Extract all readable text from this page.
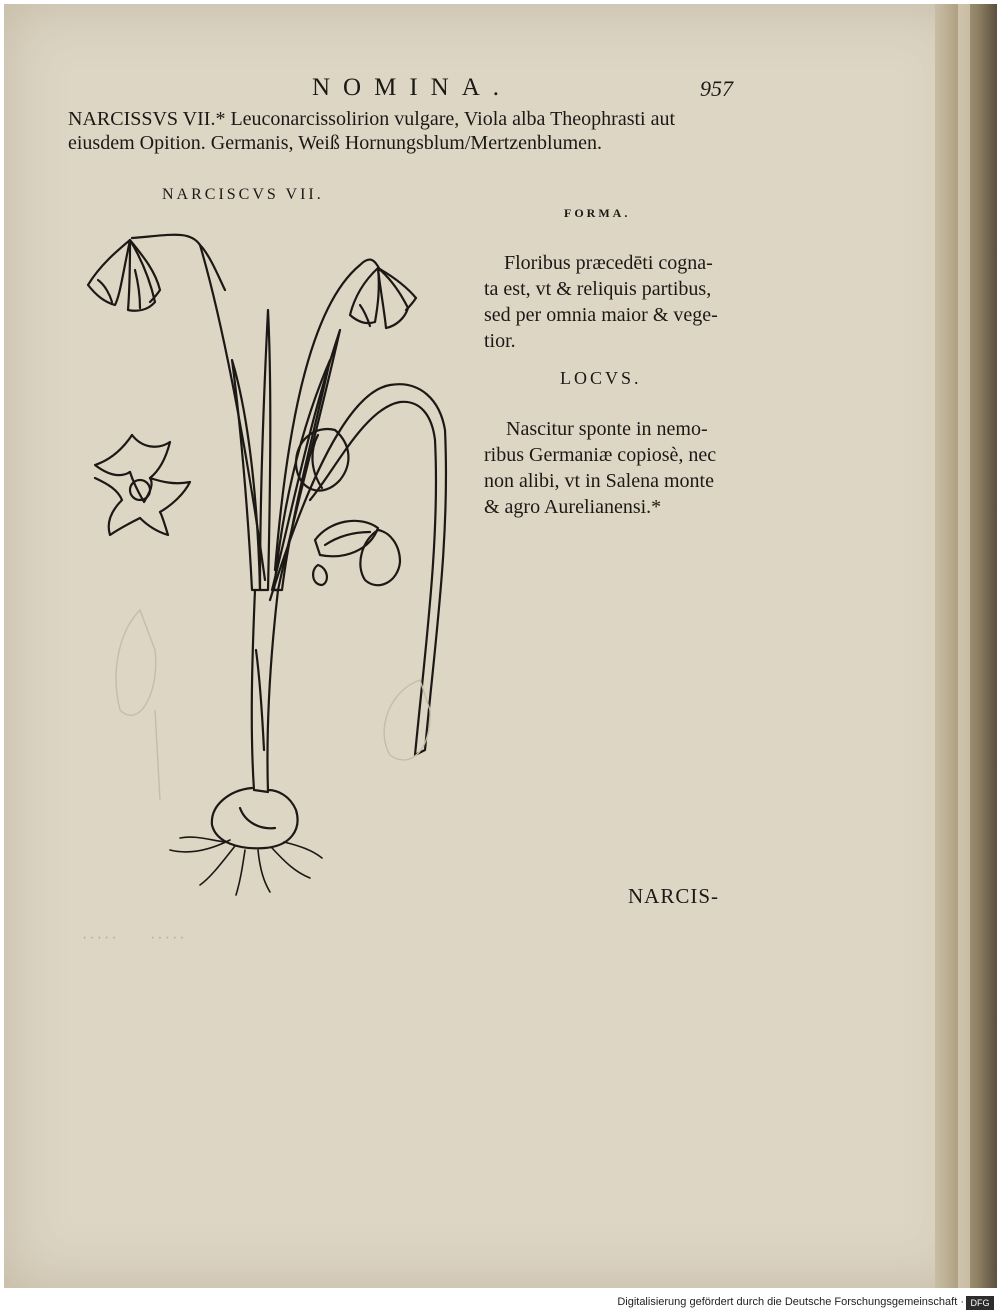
····· ·····
NOMINA.	957
NARCISSVS VII.* Leuconarcissolirion vulgare, Viola alba Theophrasti aut
eiusdem Opition. Germanis, Weiß Hornungsblum/Mertzenblumen.
NARCISCVS VII.
FORMA.
Floribus præcedēti cogna-
ta est, vt & reliquis partibus,
sed per omnia maior & vege-
tior.
LOCVS.
Nascitur sponte in nemo-
ribus Germaniæ copiosè, nec
non alibi, vt in Salena monte
& agro Aurelianensi.*
NARCIS-
Digitalisierung gefördert durch die Deutsche Forschungsgemeinschaft · DFG
